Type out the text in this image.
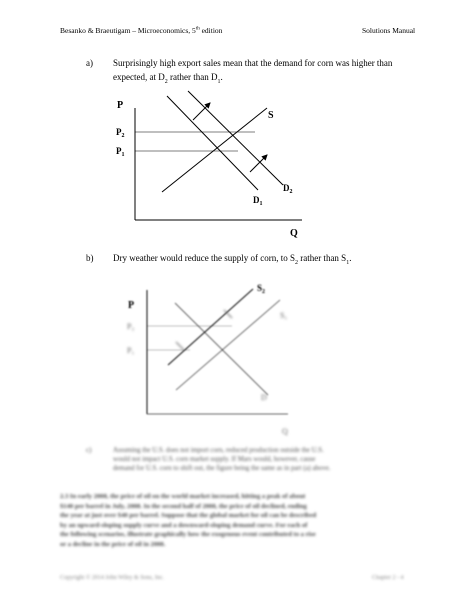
Besanko & Braeutigam – Microeconomics, 5th edition	Solutions Manual
a) Surprisingly high export sales mean that the demand for corn was higher than
expected, at $D_2$ rather than $D_1$.
P
$P_2$
$P_1$
S
$D_1$
$D_2$
Q
b) Dry weather would reduce the supply of corn, to $S_2$ rather than $S_1$.
P
$S_2$
S₁
P₂
P₁
D
Q
c)	Assuming the U.S. does not import corn, reduced production outside the U.S.
would not impact U.S. corn market supply. If Mars would, however, cause
demand for U.S. corn to shift out, the figure being the same as in part (a) above.
2.3 In early 2008, the price of oil on the world market increased, hitting a peak of about
$140 per barrel in July, 2008. In the second half of 2008, the price of oil declined, ending
the year at just over $40 per barrel. Suppose that the global market for oil can be described
by an upward-sloping supply curve and a downward-sloping demand curve. For each of
the following scenarios, illustrate graphically how the exogenous event contributed to a rise
or a decline in the price of oil in 2008.
Copyright © 2014 John Wiley & Sons, Inc.	Chapter 2 - 4
